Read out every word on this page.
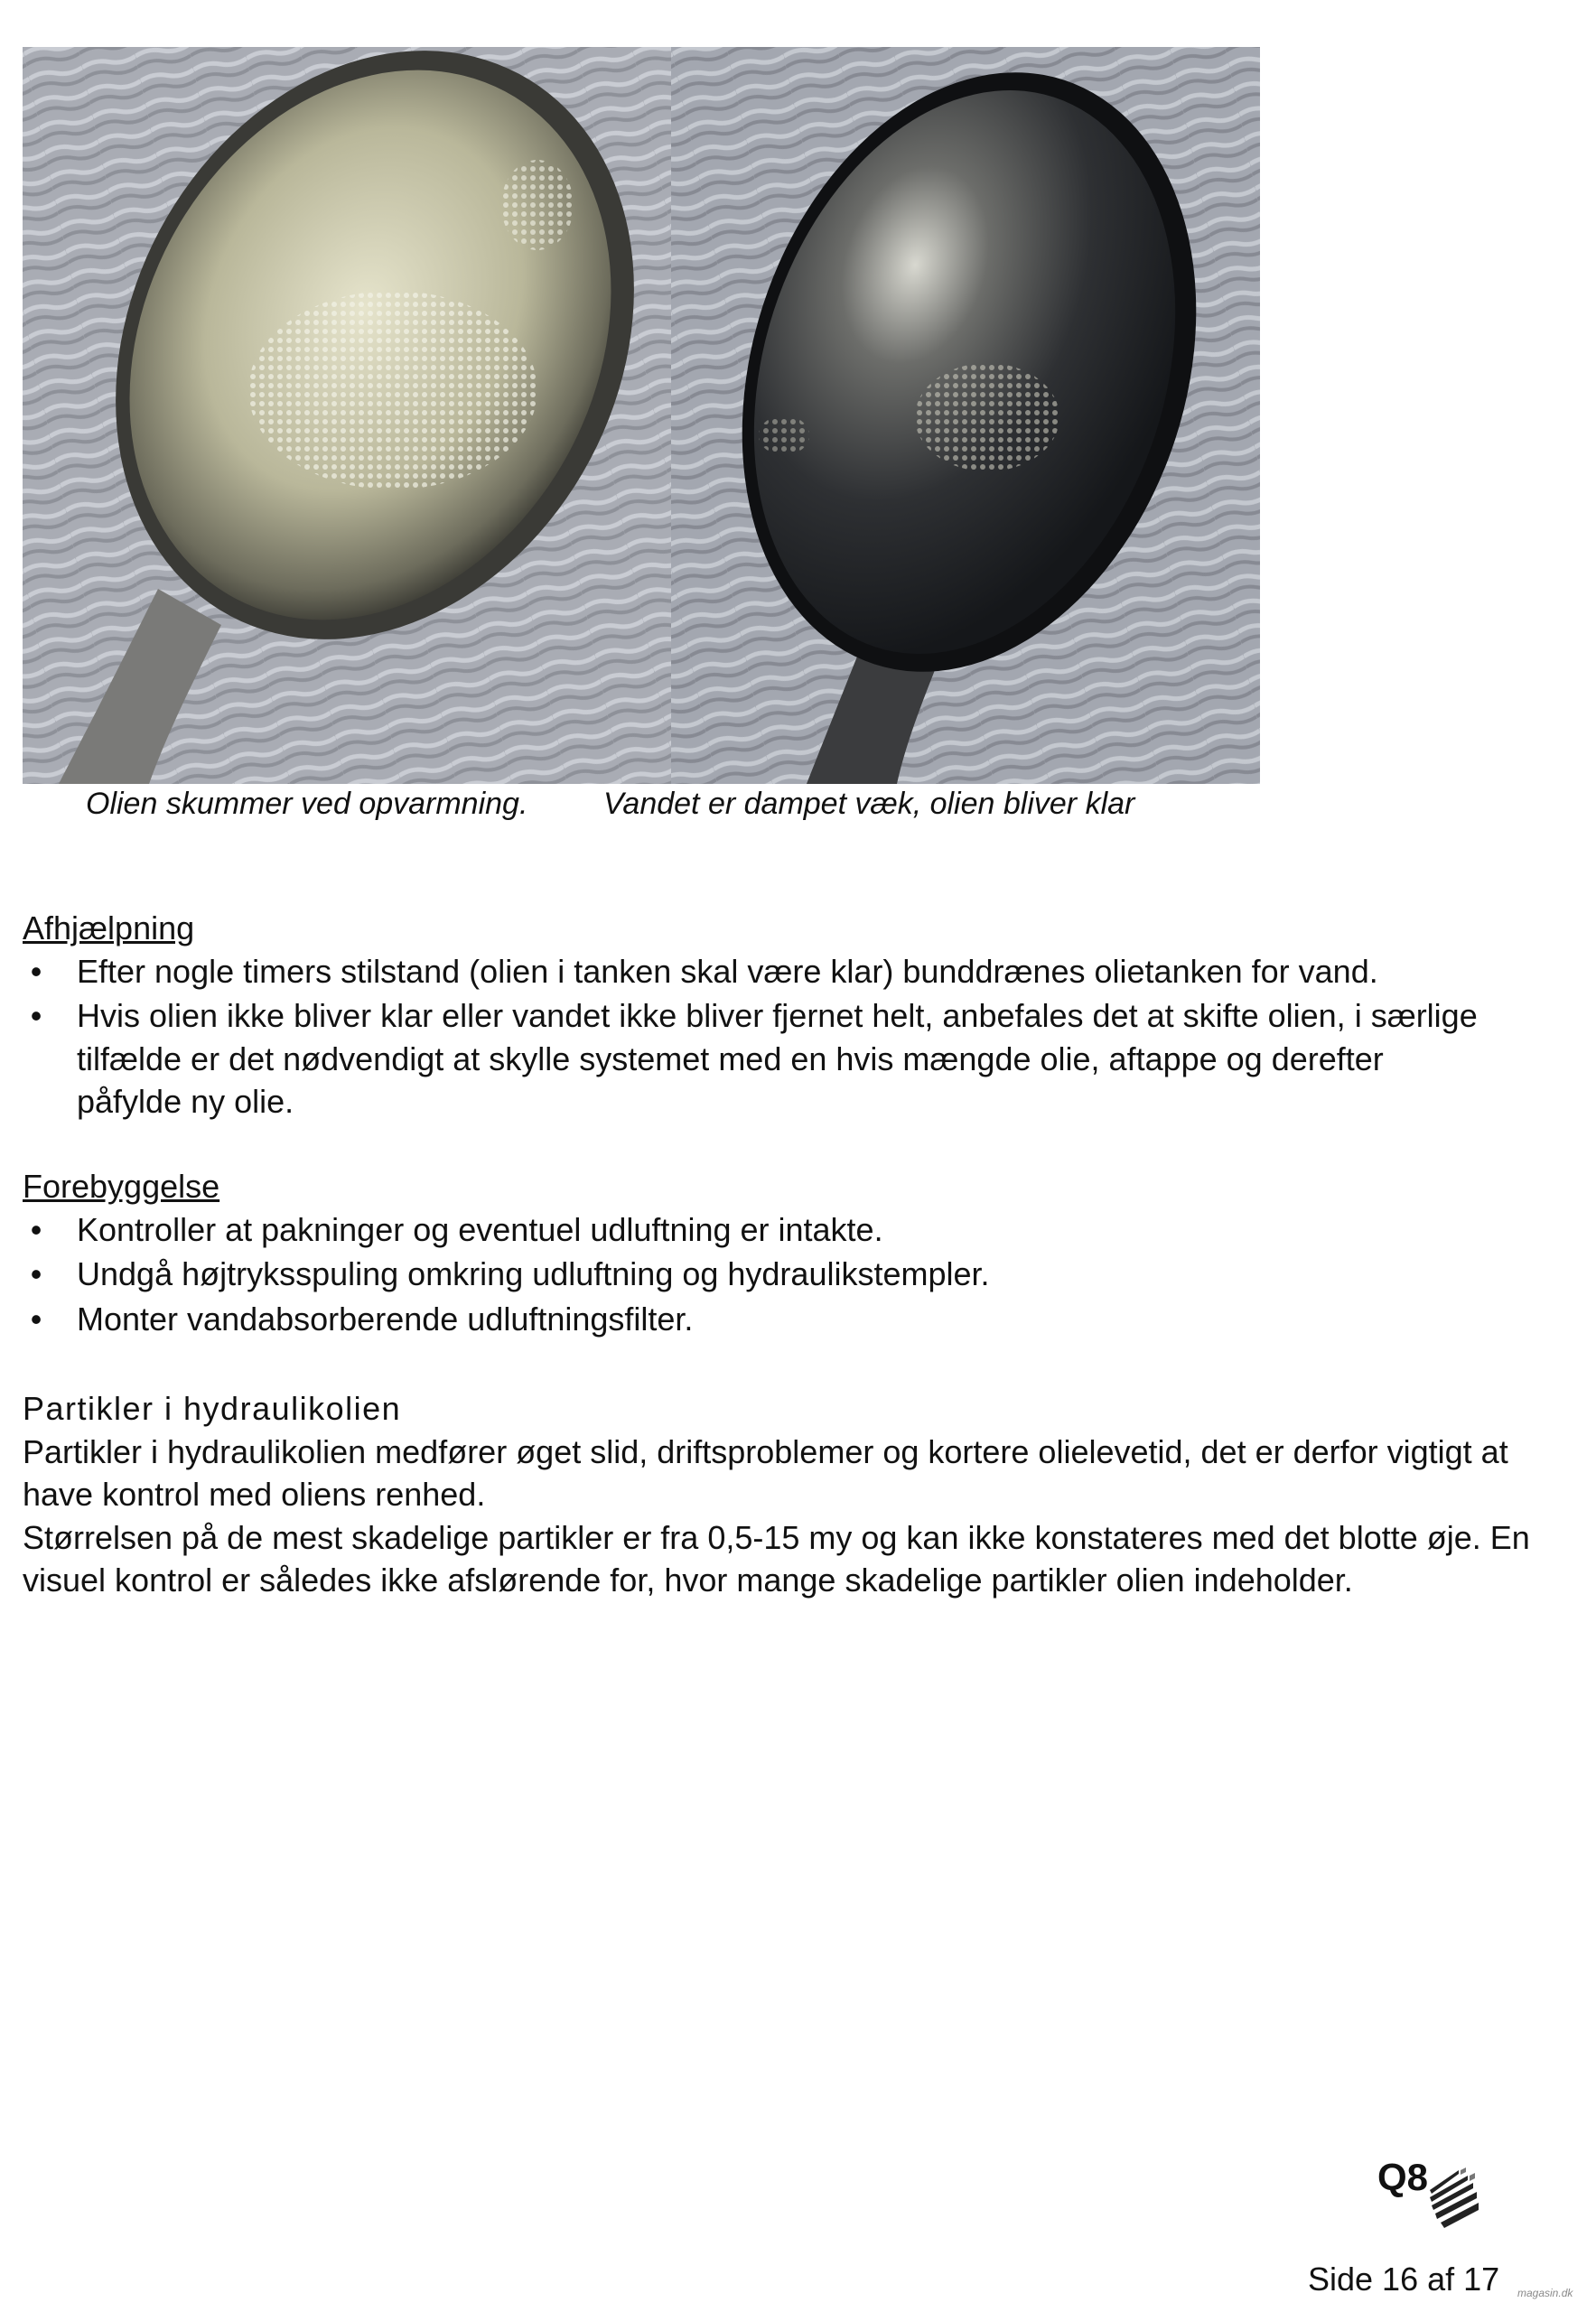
Olien skummer ved opvarmning. Vandet er dampet væk, olien bliver klar
Afhjælpning
• Efter nogle timers stilstand (olien i tanken skal være klar) bunddrænes olietanken for vand.
• Hvis olien ikke bliver klar eller vandet ikke bliver fjernet helt, anbefales det at skifte olien, i særlige tilfælde er det nødvendigt at skylle systemet med en hvis mængde olie, aftappe og derefter påfylde ny olie.
Forebyggelse
• Kontroller at pakninger og eventuel udluftning er intakte.
• Undgå højtryksspuling omkring udluftning og hydraulikstempler.
• Monter vandabsorberende udluftningsfilter.
Partikler i hydraulikolien

Partikler i hydraulikolien medfører øget slid, driftsproblemer og kortere olielevetid, det er derfor vigtigt at have kontrol med oliens renhed.

Størrelsen på de mest skadelige partikler er fra 0,5-15 my og kan ikke konstateres med det blotte øje. En visuel kontrol er således ikke afslørende for, hvor mange skadelige partikler olien indeholder.

Q8
Side 16 af 17 magasin.dk
